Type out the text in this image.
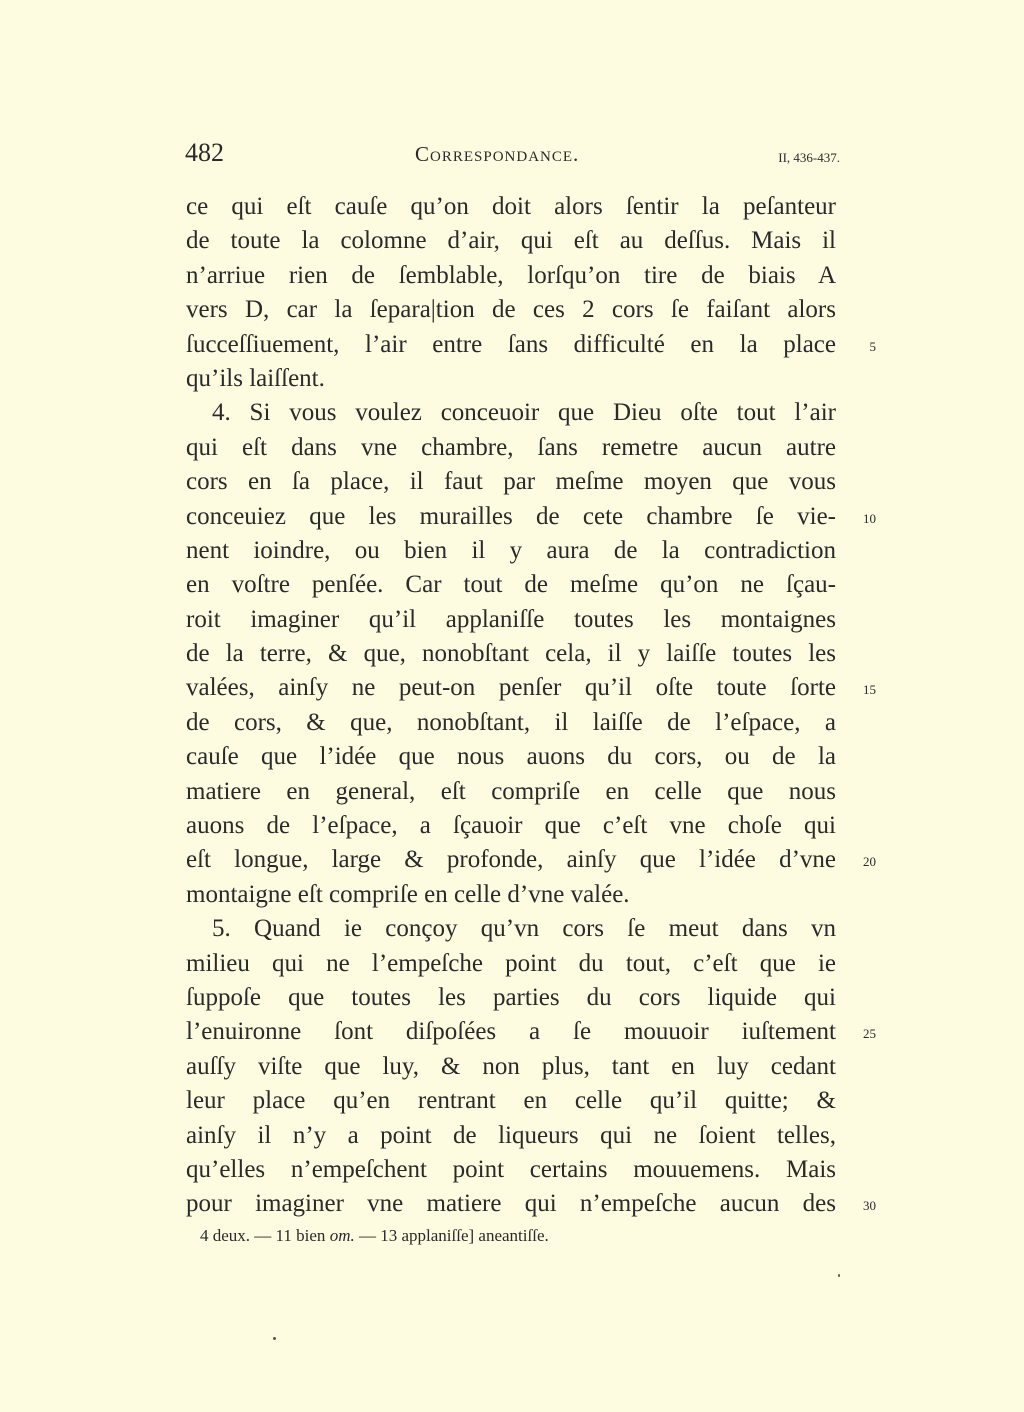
482	Correspondance.	II, 436-437.
ce qui eſt cauſe qu’on doit alors ſentir la peſanteur
de toute la colomne d’air, qui eſt au deſſus. Mais il
n’arriue rien de ſemblable, lorſqu’on tire de biais A
vers D, car la ſepara|tion de ces 2 cors ſe faiſant alors
ſucceſſiuement, l’air entre ſans difficulté en la place	5
qu’ils laiſſent.
4. Si vous voulez conceuoir que Dieu oſte tout l’air
qui eſt dans vne chambre, ſans remetre aucun autre
cors en ſa place, il faut par meſme moyen que vous
conceuiez que les murailles de cete chambre ſe vie- 10
nent ioindre, ou bien il y aura de la contradiction
en voſtre penſée. Car tout de meſme qu’on ne ſçau-
roit imaginer qu’il applaniſſe toutes les montaignes
de la terre, & que, nonobſtant cela, il y laiſſe toutes les
valées, ainſy ne peut-on penſer qu’il oſte toute ſorte 15
de cors, & que, nonobſtant, il laiſſe de l’eſpace, a
cauſe que l’idée que nous auons du cors, ou de la
matiere en general, eſt compriſe en celle que nous
auons de l’eſpace, a ſçauoir que c’eſt vne choſe qui
eſt longue, large & profonde, ainſy que l’idée d’vne 20
montaigne eſt compriſe en celle d’vne valée.
5. Quand ie conçoy qu’vn cors ſe meut dans vn
milieu qui ne l’empeſche point du tout, c’eſt que ie
ſuppoſe que toutes les parties du cors liquide qui
l’enuironne ſont diſpoſées a ſe mouuoir iuſtement 25
auſſy viſte que luy, & non plus, tant en luy cedant
leur place qu’en rentrant en celle qu’il quitte; &
ainſy il n’y a point de liqueurs qui ne ſoient telles,
qu’elles n’empeſchent point certains mouuemens. Mais
pour imaginer vne matiere qui n’empeſche aucun des 30
4 deux. — 11 bien om. — 13 applaniſſe] aneantiſſe.
